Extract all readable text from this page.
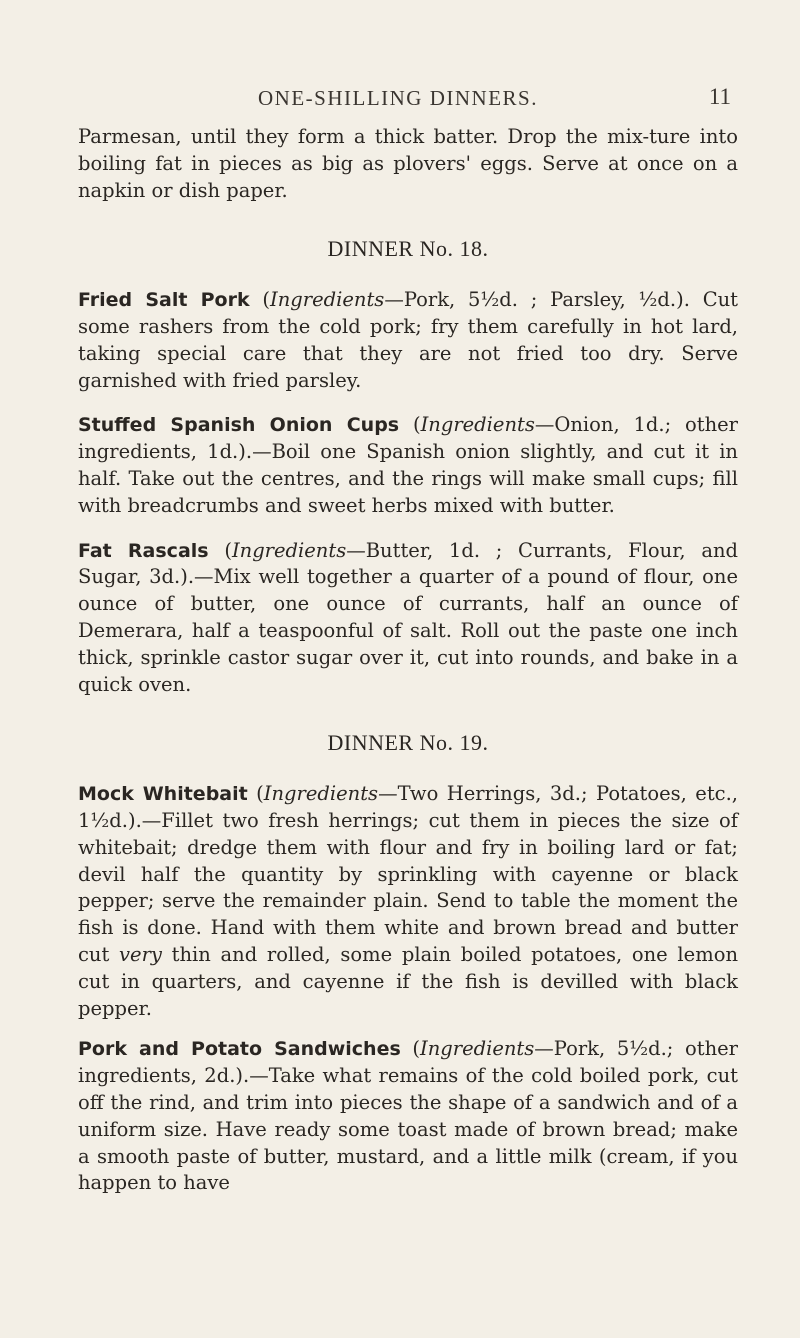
ONE-SHILLING DINNERS.	11

Parmesan, until they form a thick batter. Drop the mix-ture into boiling fat in pieces as big as plovers' eggs. Serve at once on a napkin or dish paper.

DINNER No. 18.

Fried Salt Pork (Ingredients—Pork, 5½d. ; Parsley, ½d.). Cut some rashers from the cold pork; fry them carefully in hot lard, taking special care that they are not fried too dry. Serve garnished with fried parsley.

Stuffed Spanish Onion Cups (Ingredients—Onion, 1d.; other ingredients, 1d.).—Boil one Spanish onion slightly, and cut it in half. Take out the centres, and the rings will make small cups; fill with breadcrumbs and sweet herbs mixed with butter.

Fat Rascals (Ingredients—Butter, 1d. ; Currants, Flour, and Sugar, 3d.).—Mix well together a quarter of a pound of flour, one ounce of butter, one ounce of currants, half an ounce of Demerara, half a teaspoonful of salt. Roll out the paste one inch thick, sprinkle castor sugar over it, cut into rounds, and bake in a quick oven.

DINNER No. 19.

Mock Whitebait (Ingredients—Two Herrings, 3d.; Potatoes, etc., 1½d.).—Fillet two fresh herrings; cut them in pieces the size of whitebait; dredge them with flour and fry in boiling lard or fat; devil half the quantity by sprinkling with cayenne or black pepper; serve the remainder plain. Send to table the moment the fish is done. Hand with them white and brown bread and butter cut very thin and rolled, some plain boiled potatoes, one lemon cut in quarters, and cayenne if the fish is devilled with black pepper.

Pork and Potato Sandwiches (Ingredients—Pork, 5½d.; other ingredients, 2d.).—Take what remains of the cold boiled pork, cut off the rind, and trim into pieces the shape of a sandwich and of a uniform size. Have ready some toast made of brown bread; make a smooth paste of butter, mustard, and a little milk (cream, if you happen to have
